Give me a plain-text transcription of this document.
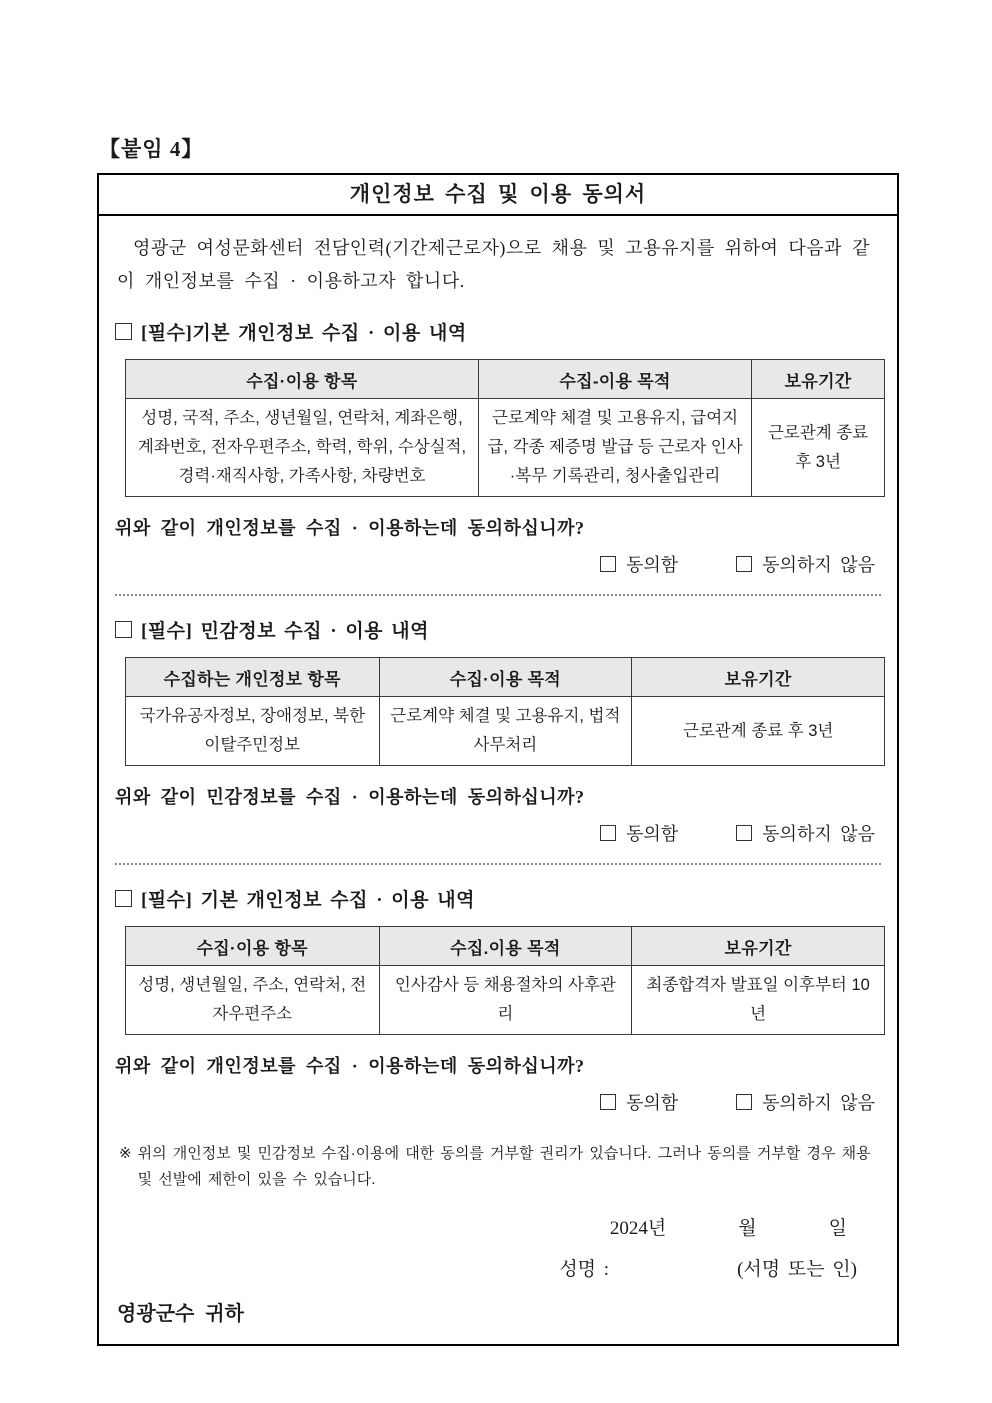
【붙임 4】
개인정보 수집 및 이용 동의서
영광군 여성문화센터 전담인력(기간제근로자)으로 채용 및 고용유지를 위하여 다음과 같이 개인정보를 수집 · 이용하고자 합니다.
[필수]기본 개인정보 수집 · 이용 내역
수집·이용 항목	수집-이용 목적	보유기간
성명, 국적, 주소, 생년월일, 연락처, 계좌은행, 계좌번호, 전자우편주소, 학력, 학위, 수상실적, 경력·재직사항, 가족사항, 차량번호	근로계약 체결 및 고용유지, 급여지급, 각종 제증명 발급 등 근로자 인사·복무 기록관리, 청사출입관리	근로관계 종료 후 3년
위와 같이 개인정보를 수집 · 이용하는데 동의하십니까?
동의함	동의하지 않음
[필수] 민감정보 수집 · 이용 내역
수집하는 개인정보 항목	수집·이용 목적	보유기간
국가유공자정보, 장애정보, 북한이탈주민정보	근로계약 체결 및 고용유지, 법적사무처리	근로관계 종료 후 3년
위와 같이 민감정보를 수집 · 이용하는데 동의하십니까?
동의함	동의하지 않음
[필수] 기본 개인정보 수집 · 이용 내역
수집·이용 항목	수집.이용 목적	보유기간
성명, 생년월일, 주소, 연락처, 전자우편주소	인사감사 등 채용절차의 사후관리	최종합격자 발표일 이후부터 10년
위와 같이 개인정보를 수집 · 이용하는데 동의하십니까?
동의함	동의하지 않음
※ 위의 개인정보 및 민감정보 수집·이용에 대한 동의를 거부할 권리가 있습니다. 그러나 동의를 거부할 경우 채용 및 선발에 제한이 있을 수 있습니다.
2024년	월	일
성명 :	(서명 또는 인)
영광군수 귀하
